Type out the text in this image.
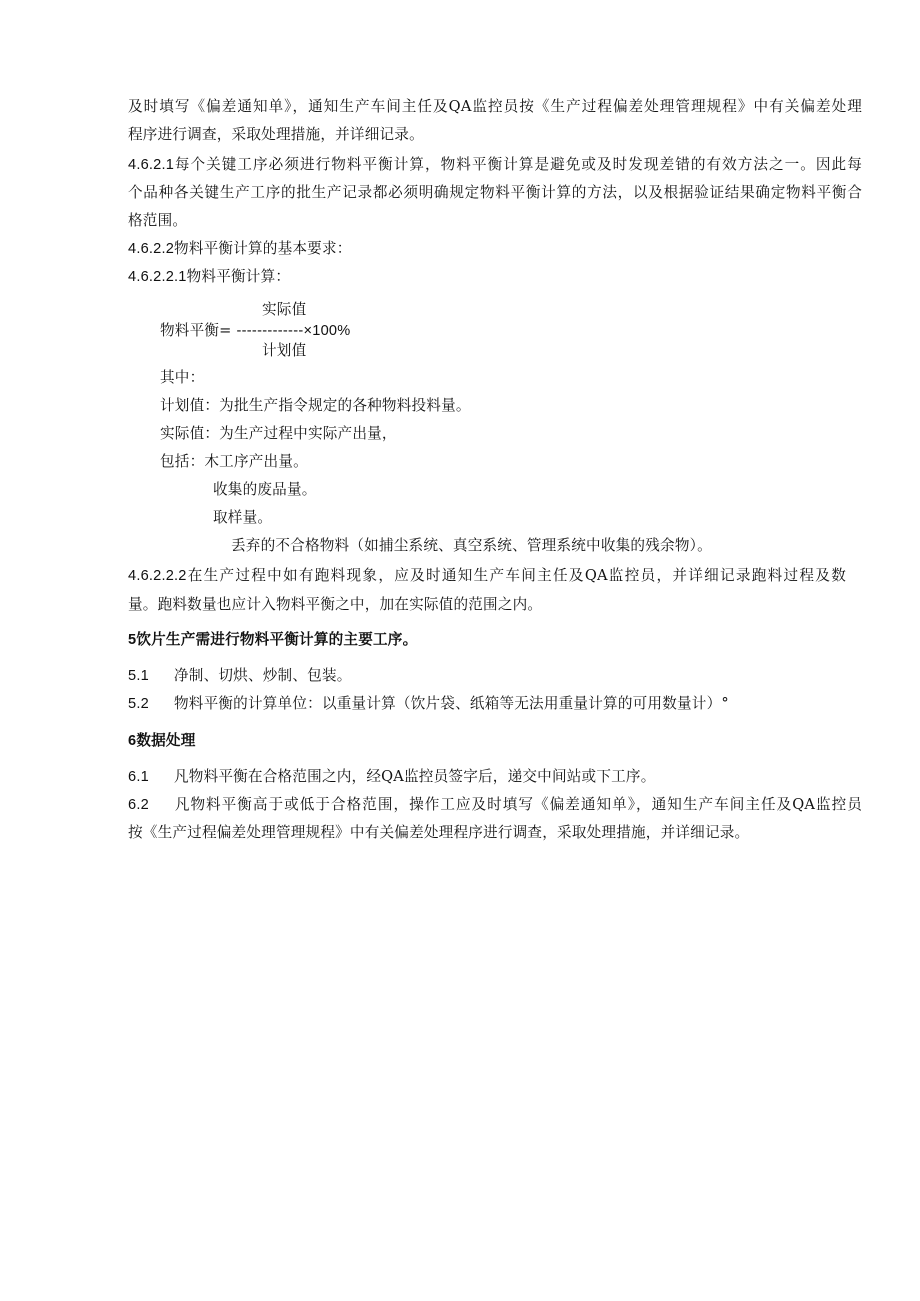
及时填写《偏差通知单》，通知生产车间主任及QA监控员按《生产过程偏差处理管理规程》中有关偏差处理
程序进行调查，采取处理措施，并详细记录。
4.6.2.1每个关键工序必须进行物料平衡计算，物料平衡计算是避免或及时发现差错的有效方法之一。因此每
个品种各关键生产工序的批生产记录都必须明确规定物料平衡计算的方法，以及根据验证结果确定物料平衡合
格范围。
4.6.2.2物料平衡计算的基本要求：
4.6.2.2.1物料平衡计算：
实际值
物料平衡= -------------×100%
计划值
其中：
计划值：为批生产指令规定的各种物料投料量。
实际值：为生产过程中实际产出量，
包括：木工序产出量。
收集的废品量。
取样量。
丢弃的不合格物料（如捕尘系统、真空系统、管理系统中收集的残余物）。
4.6.2.2.2在生产过程中如有跑料现象，应及时通知生产车间主任及QA监控员，并详细记录跑料过程及数
量。跑料数量也应计入物料平衡之中，加在实际值的范围之内。
5饮片生产需进行物料平衡计算的主要工序。
5.1 净制、切烘、炒制、包装。
5.2 物料平衡的计算单位：以重量计算（饮片袋、纸箱等无法用重量计算的可用数量计）°
6数据处理
6.1 凡物料平衡在合格范围之内，经QA监控员签字后，递交中间站或下工序。
6.2 凡物料平衡高于或低于合格范围，操作工应及时填写《偏差通知单》，通知生产车间主任及QA监控员
按《生产过程偏差处理管理规程》中有关偏差处理程序进行调查，采取处理措施，并详细记录。
